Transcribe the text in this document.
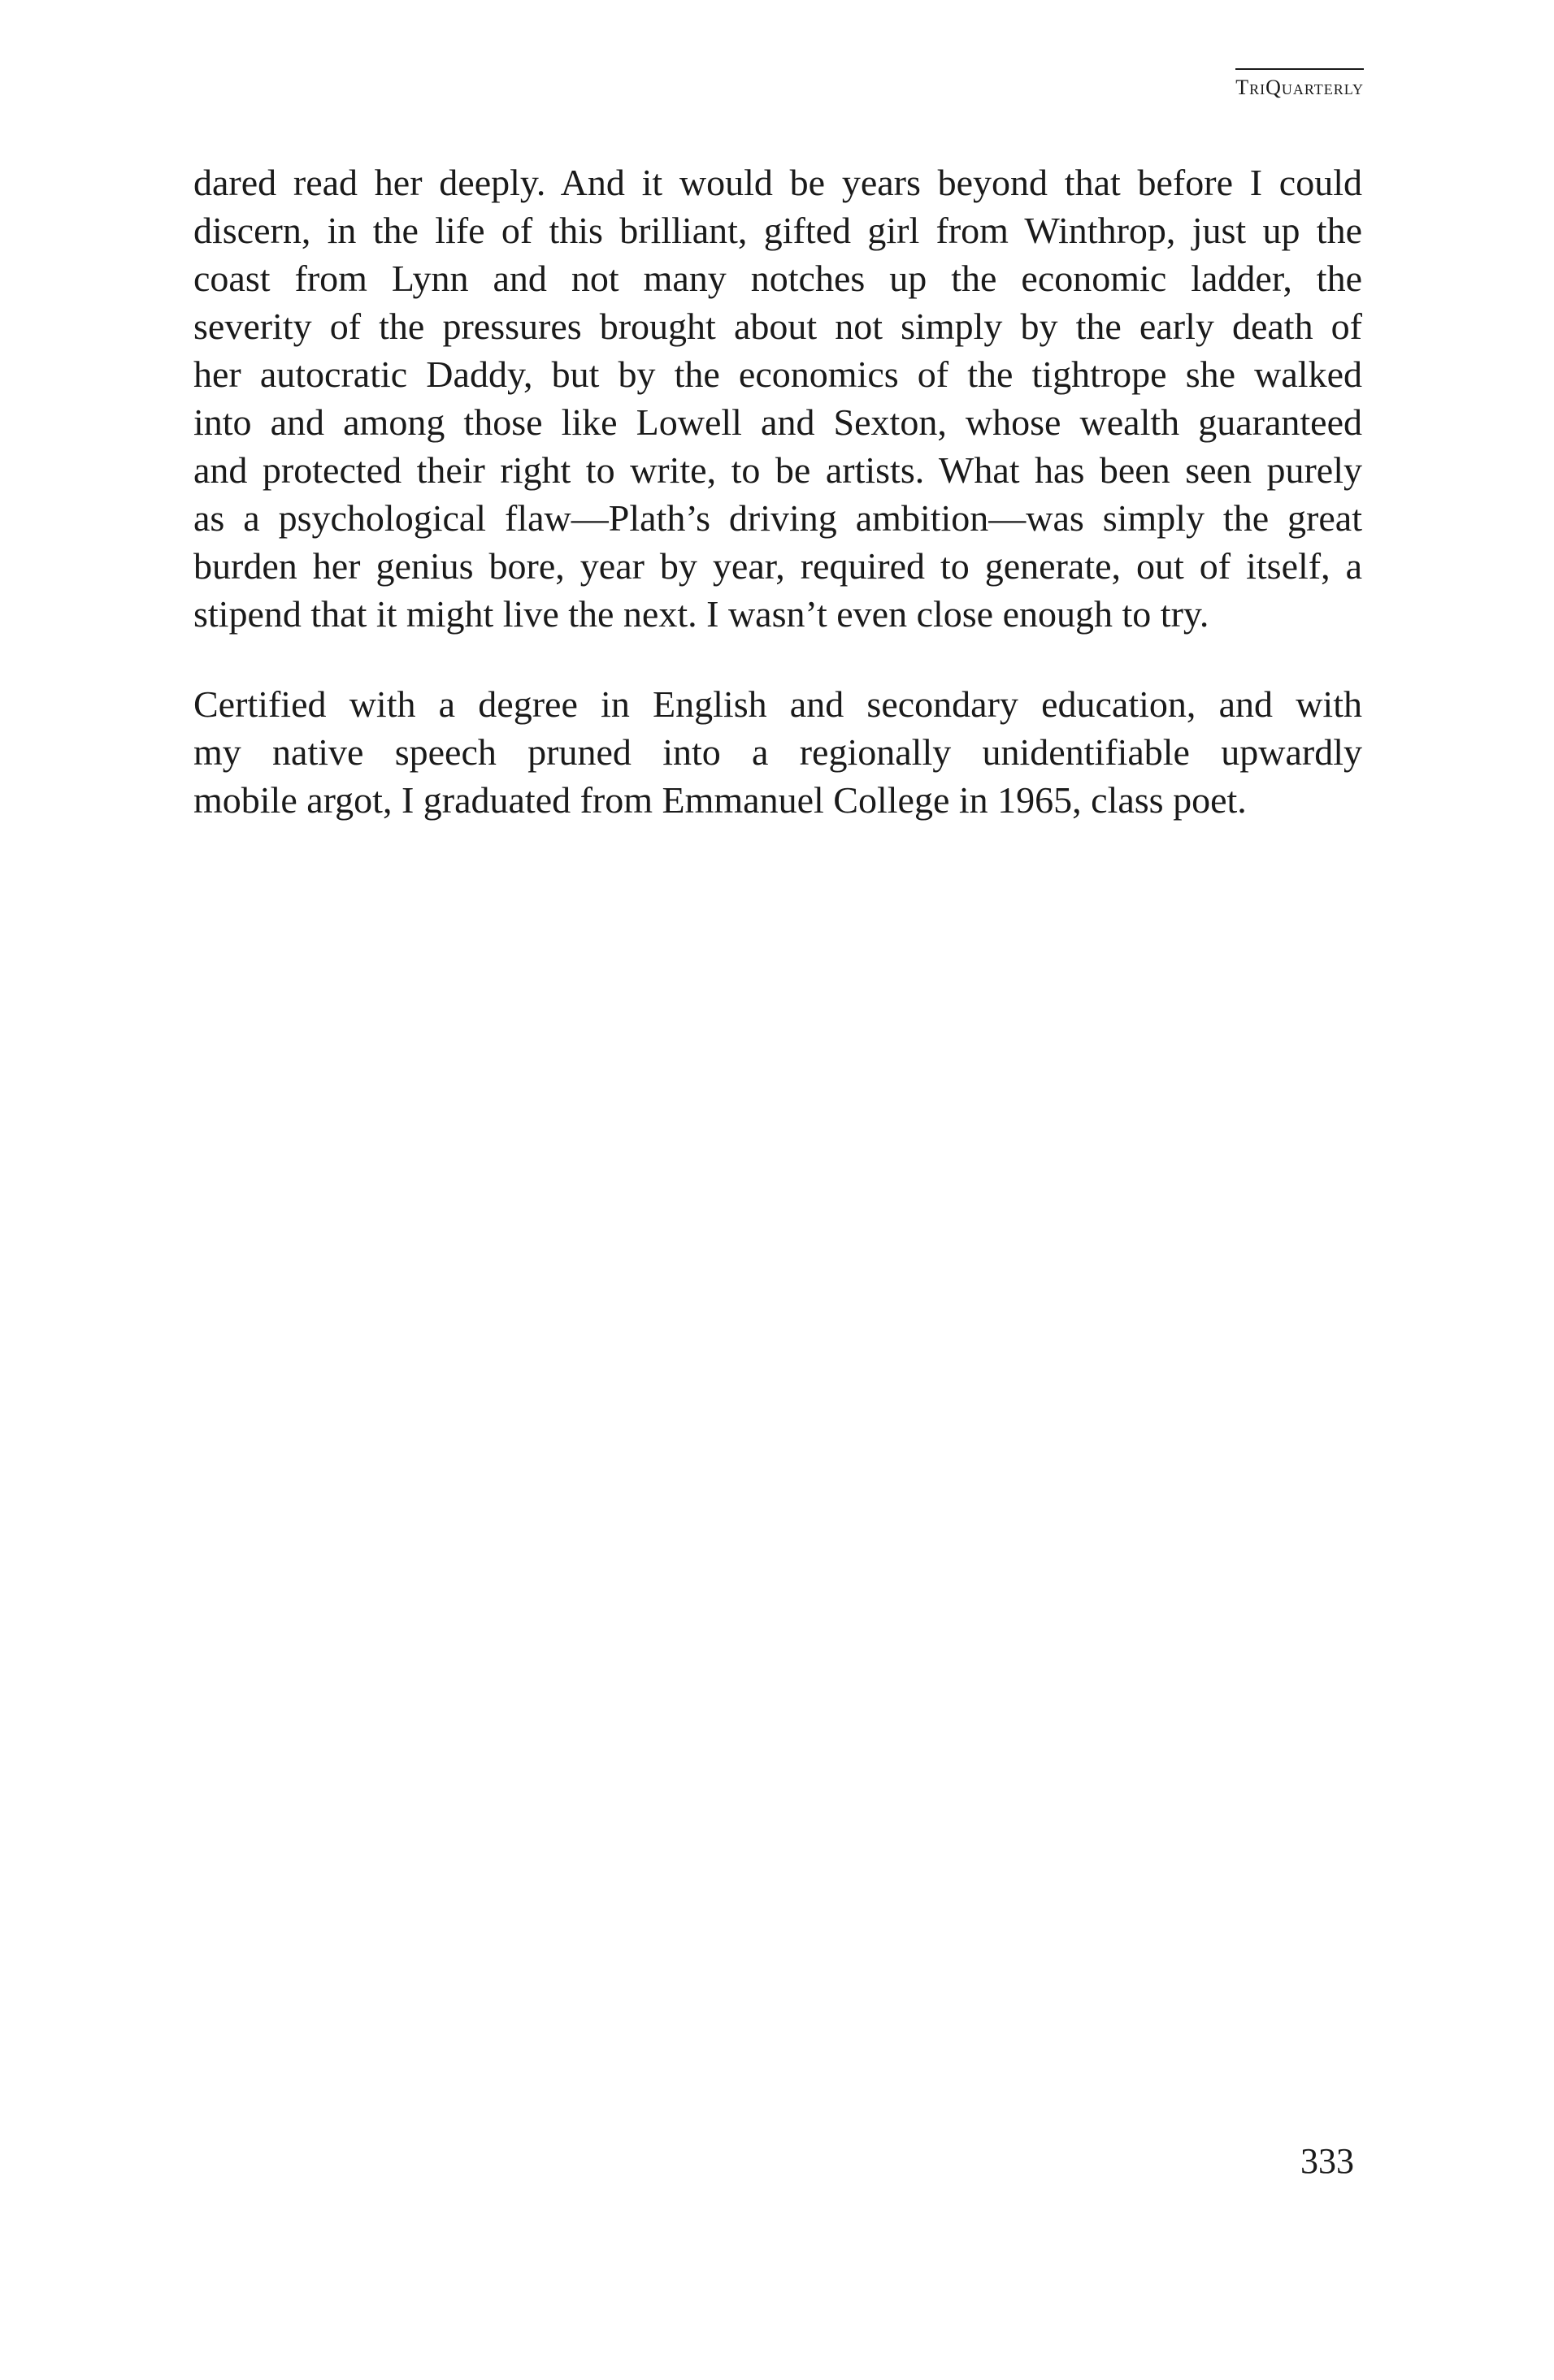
TriQuarterly
dared read her deeply. And it would be years beyond that before I could
discern, in the life of this brilliant, gifted girl from Winthrop, just up the
coast from Lynn and not many notches up the economic ladder, the
severity of the pressures brought about not simply by the early death of
her autocratic Daddy, but by the economics of the tightrope she walked
into and among those like Lowell and Sexton, whose wealth guaranteed
and protected their right to write, to be artists. What has been seen purely
as a psychological flaw—Plath’s driving ambition—was simply the great
burden her genius bore, year by year, required to generate, out of itself, a
stipend that it might live the next. I wasn’t even close enough to try.
Certified with a degree in English and secondary education, and with
my native speech pruned into a regionally unidentifiable upwardly
mobile argot, I graduated from Emmanuel College in 1965, class poet.
333
